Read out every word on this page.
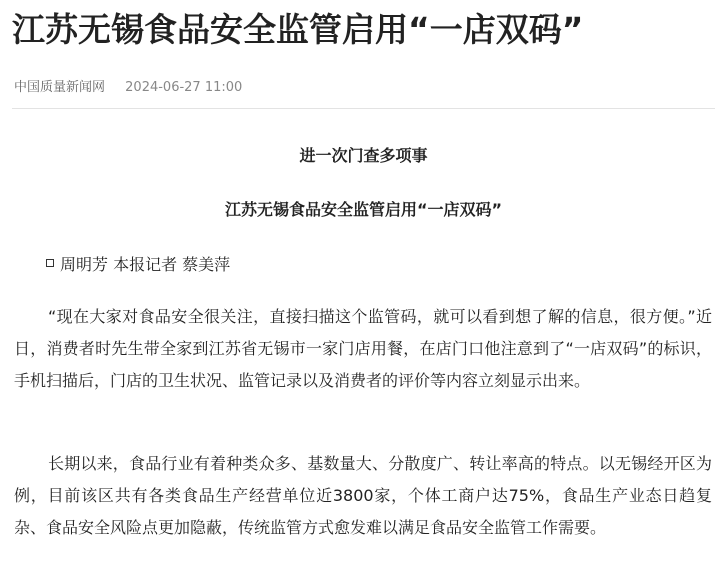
江苏无锡食品安全监管启用“一店双码”
中国质量新闻网 2024-06-27 11:00
进一次门查多项事
江苏无锡食品安全监管启用“一店双码”
周明芳 本报记者 蔡美萍

“现在大家对食品安全很关注，直接扫描这个监管码，就可以看到想了解的信息，很方便。”近日，消费者时先生带全家到江苏省无锡市一家门店用餐，在店门口他注意到了“一店双码”的标识，手机扫描后，门店的卫生状况、监管记录以及消费者的评价等内容立刻显示出来。

长期以来，食品行业有着种类众多、基数量大、分散度广、转让率高的特点。以无锡经开区为例，目前该区共有各类食品生产经营单位近3800家，个体工商户达75%，食品生产业态日趋复杂、食品安全风险点更加隐蔽，传统监管方式愈发难以满足食品安全监管工作需要。
